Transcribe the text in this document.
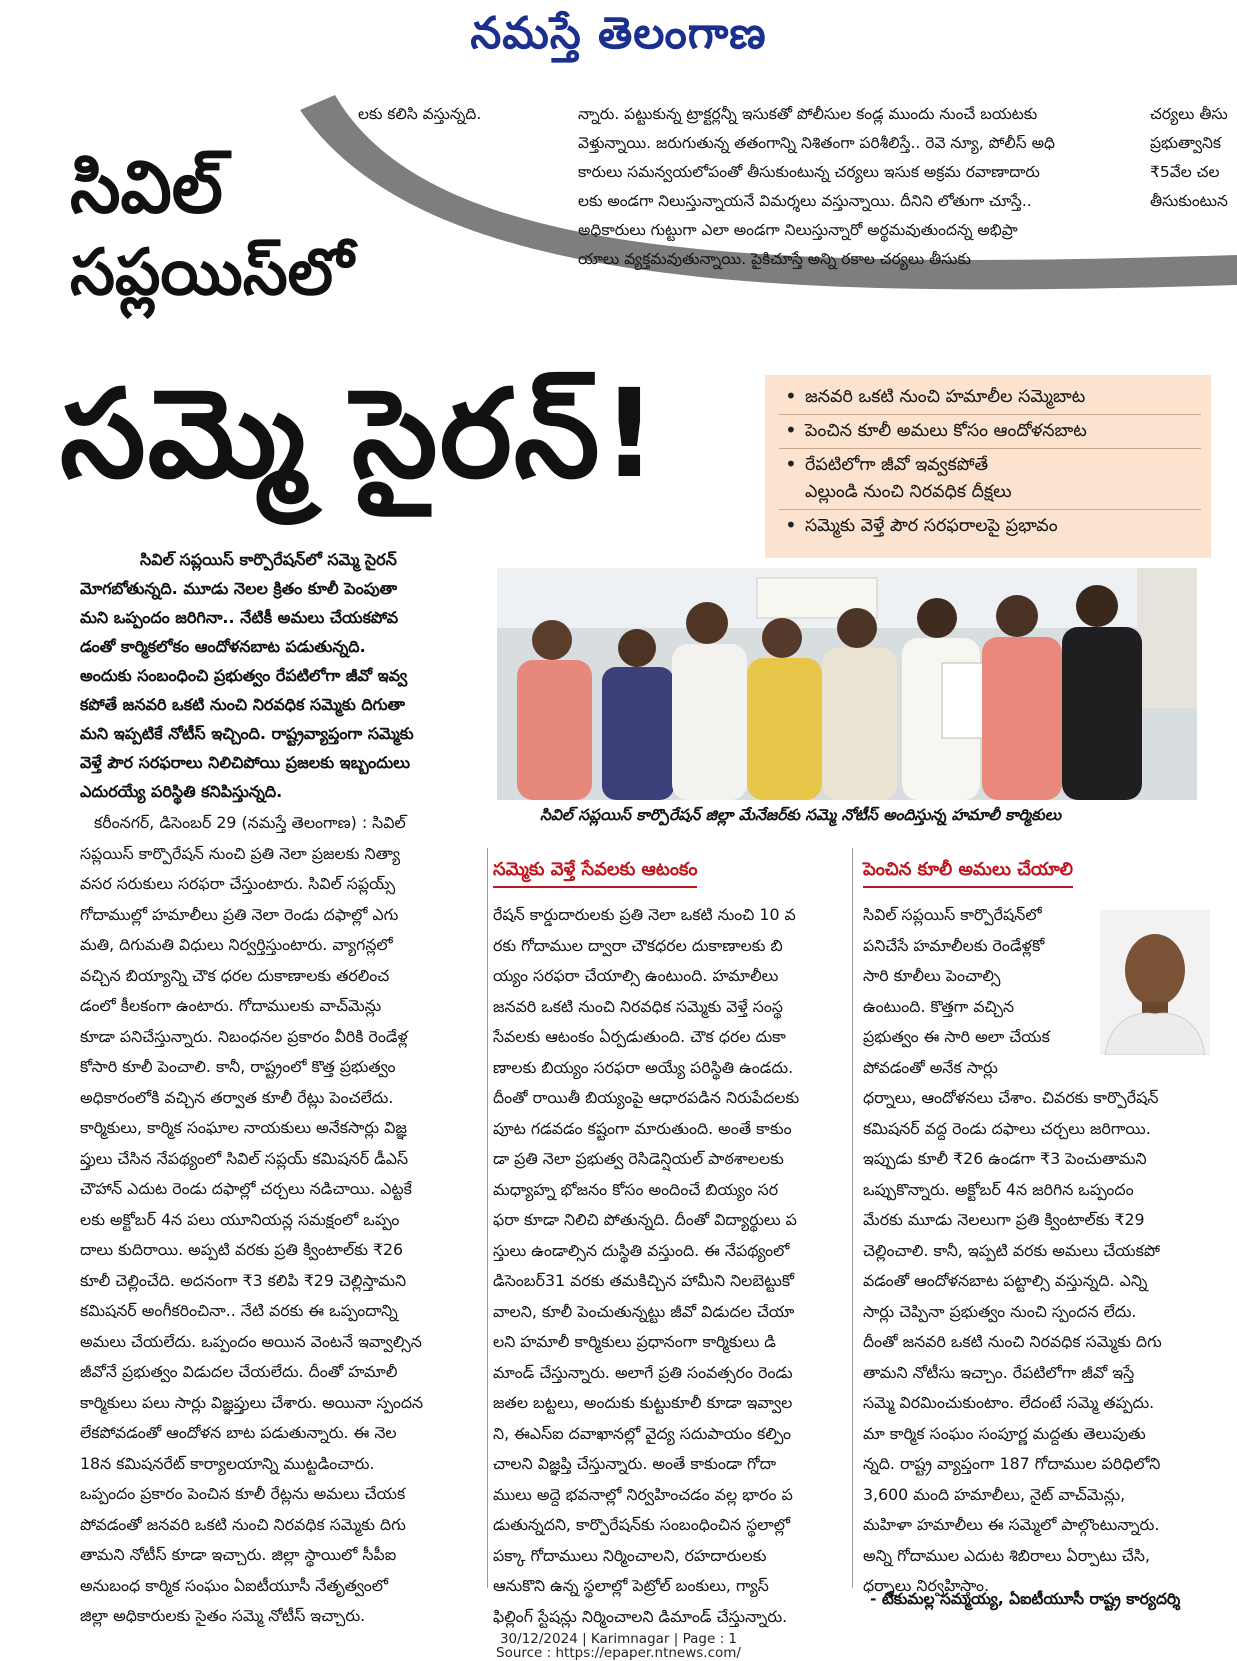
నమస్తే తెలంగాణ
లకు కలిసి వస్తున్నది.	న్నారు. పట్టుకున్న ట్రాక్టర్లన్నీ ఇసుకతో పోలీసుల కండ్ల ముందు నుంచే బయటకు
వెళ్తున్నాయి. జరుగుతున్న తతంగాన్ని నిశితంగా పరిశీలిస్తే.. రెవె న్యూ, పోలీస్ అధి
కారులు సమన్వయలోపంతో తీసుకుంటున్న చర్యలు ఇసుక అక్రమ రవాణాదారు
లకు అండగా నిలుస్తున్నాయనే విమర్శలు వస్తున్నాయి. దీనిని లోతుగా చూస్తే..
అధికారులు గుట్టుగా ఎలా అండగా నిలుస్తున్నారో అర్థమవుతుందన్న అభిప్రా
యాలు వ్యక్తమవుతున్నాయి. పైకిచూస్తే అన్ని రకాల చర్యలు తీసుకు
చర్యలు తీసు
ప్రభుత్వానిక
₹5వేల చల
తీసుకుంటున
సివిల్
సప్లయిస్‌లో
సమ్మె సైరన్!
•	జనవరి ఒకటి నుంచి హమాలీల సమ్మెబాట
• పెంచిన కూలీ అమలు కోసం ఆందోళనబాట
• రేపటిలోగా జీవో ఇవ్వకపోతే
ఎల్లుండి నుంచి నిరవధిక దీక్షలు
• సమ్మెకు వెళ్తే పౌర సరఫరాలపై ప్రభావం

సివిల్ సప్లయిస్ కార్పొరేషన్‌లో సమ్మె సైరన్

మోగబోతున్నది. మూడు నెలల క్రితం కూలీ పెంపుతా

మని ఒప్పందం జరిగినా.. నేటికీ అమలు చేయకపోవ

డంతో కార్మికలోకం ఆందోళనబాట పడుతున్నది.

అందుకు సంబంధించి ప్రభుత్వం రేపటిలోగా జీవో ఇవ్వ

కపోతే జనవరి ఒకటి నుంచి నిరవధిక సమ్మెకు దిగుతా

మని ఇప్పటికే నోటీస్ ఇచ్చింది. రాష్ట్రవ్యాప్తంగా సమ్మెకు

వెళ్తే పౌర సరఫరాలు నిలిచిపోయి ప్రజలకు ఇబ్బందులు

ఎదురయ్యే పరిస్థితి కనిపిస్తున్నది.

సివిల్ సప్లయిస్ కార్పొరేషన్ జిల్లా మేనేజర్‌కు సమ్మె నోటీస్ అందిస్తున్న హమాలీ కార్మికులు

కరీంనగర్, డిసెంబర్ 29 (నమస్తే తెలంగాణ) : సివిల్

సప్లయిస్ కార్పొరేషన్ నుంచి ప్రతి నెలా ప్రజలకు నిత్యా

వసర సరుకులు సరఫరా చేస్తుంటారు. సివిల్ సప్లయ్స్

గోదాముల్లో హమాలీలు ప్రతి నెలా రెండు దఫాల్లో ఎగు

మతి, దిగుమతి విధులు నిర్వర్తిస్తుంటారు. వ్యాగన్లలో

వచ్చిన బియ్యాన్ని చౌక ధరల దుకాణాలకు తరలించ

డంలో కీలకంగా ఉంటారు. గోదాములకు వాచ్‌మెన్లు

కూడా పనిచేస్తున్నారు. నిబంధనల ప్రకారం వీరికి రెండేళ్ల

కోసారి కూలీ పెంచాలి. కానీ, రాష్ట్రంలో కొత్త ప్రభుత్వం

అధికారంలోకి వచ్చిన తర్వాత కూలీ రేట్లు పెంచలేదు.

కార్మికులు, కార్మిక సంఘాల నాయకులు అనేకసార్లు విజ్ఞ

ప్తులు చేసిన నేపథ్యంలో సివిల్ సప్లయ్ కమిషనర్ డీఎస్

చౌహాన్ ఎదుట రెండు దఫాల్లో చర్చలు నడిచాయి. ఎట్టకే

లకు అక్టోబర్ 4న పలు యూనియన్ల సమక్షంలో ఒప్పం

దాలు కుదిరాయి. అప్పటి వరకు ప్రతి క్వింటాల్‌కు ₹26

కూలీ చెల్లించేది. అదనంగా ₹3 కలిపి ₹29 చెల్లిస్తామని

కమిషనర్ అంగీకరించినా.. నేటి వరకు ఈ ఒప్పందాన్ని

అమలు చేయలేదు. ఒప్పందం అయిన వెంటనే ఇవ్వాల్సిన

జీవోనే ప్రభుత్వం విడుదల చేయలేదు. దీంతో హమాలీ

కార్మికులు పలు సార్లు విజ్ఞప్తులు చేశారు. అయినా స్పందన

లేకపోవడంతో ఆందోళన బాట పడుతున్నారు. ఈ నెల

18న కమిషనరేట్ కార్యాలయాన్ని ముట్టడించారు.

ఒప్పందం ప్రకారం పెంచిన కూలీ రేట్లను అమలు చేయక

పోవడంతో జనవరి ఒకటి నుంచి నిరవధిక సమ్మెకు దిగు

తామని నోటీస్ కూడా ఇచ్చారు. జిల్లా స్థాయిలో సీపీఐ

అనుబంధ కార్మిక సంఘం ఏఐటీయూసీ నేతృత్వంలో

జిల్లా అధికారులకు సైతం సమ్మె నోటీస్ ఇచ్చారు.

సమ్మెకు వెళ్తే సేవలకు ఆటంకం

రేషన్ కార్డుదారులకు ప్రతి నెలా ఒకటి నుంచి 10 వ

రకు గోదాముల ద్వారా చౌకధరల దుకాణాలకు బి

య్యం సరఫరా చేయాల్సి ఉంటుంది. హమాలీలు

జనవరి ఒకటి నుంచి నిరవధిక సమ్మెకు వెళ్తే సంస్థ

సేవలకు ఆటంకం ఏర్పడుతుంది. చౌక ధరల దుకా

ణాలకు బియ్యం సరఫరా అయ్యే పరిస్థితి ఉండదు.

దీంతో రాయితీ బియ్యంపై ఆధారపడిన నిరుపేదలకు

పూట గడవడం కష్టంగా మారుతుంది. అంతే కాకుం

డా ప్రతి నెలా ప్రభుత్వ రెసిడెన్షియల్ పాఠశాలలకు

మధ్యాహ్న భోజనం కోసం అందించే బియ్యం సర

ఫరా కూడా నిలిచి పోతున్నది. దీంతో విద్యార్థులు ప

స్తులు ఉండాల్సిన దుస్థితి వస్తుంది. ఈ నేపథ్యంలో

డిసెంబర్31 వరకు తమకిచ్చిన హామీని నిలబెట్టుకో

వాలని, కూలీ పెంచుతున్నట్టు జీవో విడుదల చేయా

లని హమాలీ కార్మికులు ప్రధానంగా కార్మికులు డి

మాండ్ చేస్తున్నారు. అలాగే ప్రతి సంవత్సరం రెండు

జతల బట్టలు, అందుకు కుట్టుకూలీ కూడా ఇవ్వాల

ని, ఈఎస్ఐ దవాఖానల్లో వైద్య సదుపాయం కల్పిం

చాలని విజ్ఞప్తి చేస్తున్నారు. అంతే కాకుండా గోదా

ములు అద్దె భవనాల్లో నిర్వహించడం వల్ల భారం ప

డుతున్నదని, కార్పొరేషన్‌కు సంబంధించిన స్థలాల్లో

పక్కా గోదాములు నిర్మించాలని, రహదారులకు

ఆనుకొని ఉన్న స్థలాల్లో పెట్రోల్ బంకులు, గ్యాస్

ఫిల్లింగ్ స్టేషన్లు నిర్మించాలని డిమాండ్ చేస్తున్నారు.

పెంచిన కూలీ అమలు చేయాలి

సివిల్ సప్లయిస్ కార్పొరేషన్‌లో

పనిచేసే హమాలీలకు రెండేళ్లకో

సారి కూలీలు పెంచాల్సి

ఉంటుంది. కొత్తగా వచ్చిన

ప్రభుత్వం ఈ సారి అలా చేయక

పోవడంతో అనేక సార్లు

ధర్నాలు, ఆందోళనలు చేశాం. చివరకు కార్పొరేషన్

కమిషనర్ వద్ద రెండు దఫాలు చర్చలు జరిగాయి.

ఇప్పుడు కూలీ ₹26 ఉండగా ₹3 పెంచుతామని

ఒప్పుకొన్నారు. అక్టోబర్ 4న జరిగిన ఒప్పందం

మేరకు మూడు నెలలుగా ప్రతి క్వింటాల్‌కు ₹29

చెల్లించాలి. కానీ, ఇప్పటి వరకు అమలు చేయకపో

వడంతో ఆందోళనబాట పట్టాల్సి వస్తున్నది. ఎన్ని

సార్లు చెప్పినా ప్రభుత్వం నుంచి స్పందన లేదు.

దీంతో జనవరి ఒకటి నుంచి నిరవధిక సమ్మెకు దిగు

తామని నోటీసు ఇచ్చాం. రేపటిలోగా జీవో ఇస్తే

సమ్మె విరమించుకుంటాం. లేదంటే సమ్మె తప్పదు.

మా కార్మిక సంఘం సంపూర్ణ మద్దతు తెలుపుతు

న్నది. రాష్ట్ర వ్యాప్తంగా 187 గోదాముల పరిధిలోని

3,600 మంది హమాలీలు, నైట్ వాచ్‌మెన్లు,

మహిళా హమాలీలు ఈ సమ్మెలో పాల్గొంటున్నారు.

అన్ని గోదాముల ఎదుట శిబిరాలు ఏర్పాటు చేసి,

ధర్నాలు నిర్వహిస్తాం.

- టేకుమల్ల సమ్మయ్య, ఏఐటీయూసీ రాష్ట్ర కార్యదర్శి
30/12/2024 | Karimnagar | Page : 1
Source : https://epaper.ntnews.com/
